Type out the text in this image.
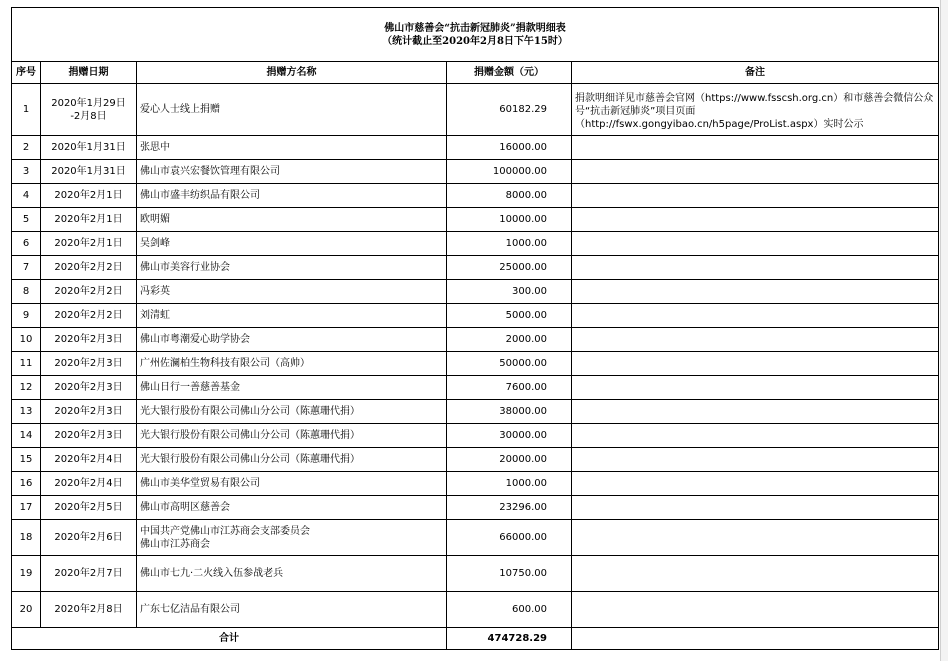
佛山市慈善会“抗击新冠肺炎”捐款明细表
（统计截止至2020年2月8日下午15时）				

序号	捐赠日期	捐赠方名称	捐赠金额（元）	备注
1	2020年1月29日
-2月8日	爱心人士线上捐赠	60182.29	捐款明细详见市慈善会官网（https://www.fsscsh.org.cn）和市慈善会微信公众号“抗击新冠肺炎”项目页面（http://fswx.gongyibao.cn/h5page/ProList.aspx）实时公示
2	2020年1月31日	张思中	16000.00	
3	2020年1月31日	佛山市袁兴宏餐饮管理有限公司	100000.00	
4	2020年2月1日	佛山市盛丰纺织品有限公司	8000.00	
5	2020年2月1日	欧明媚	10000.00	
6	2020年2月1日	吴剑峰	1000.00	
7	2020年2月2日	佛山市美容行业协会	25000.00	
8	2020年2月2日	冯彩英	300.00	
9	2020年2月2日	刘清虹	5000.00	
10	2020年2月3日	佛山市粤潮爱心助学协会	2000.00	
11	2020年2月3日	广州佐澜柏生物科技有限公司（高帅）	50000.00	
12	2020年2月3日	佛山日行一善慈善基金	7600.00	
13	2020年2月3日	光大银行股份有限公司佛山分公司（陈蕙珊代捐）	38000.00	
14	2020年2月3日	光大银行股份有限公司佛山分公司（陈蕙珊代捐）	30000.00	
15	2020年2月4日	光大银行股份有限公司佛山分公司（陈蕙珊代捐）	20000.00	
16	2020年2月4日	佛山市美华堂贸易有限公司	1000.00	
17	2020年2月5日	佛山市高明区慈善会	23296.00	
18	2020年2月6日	中国共产党佛山市江苏商会支部委员会
佛山市江苏商会	66000.00	
19	2020年2月7日	佛山市七九·二火线入伍参战老兵	10750.00	
20	2020年2月8日	广东七亿洁品有限公司	600.00	
合计			474728.29	
